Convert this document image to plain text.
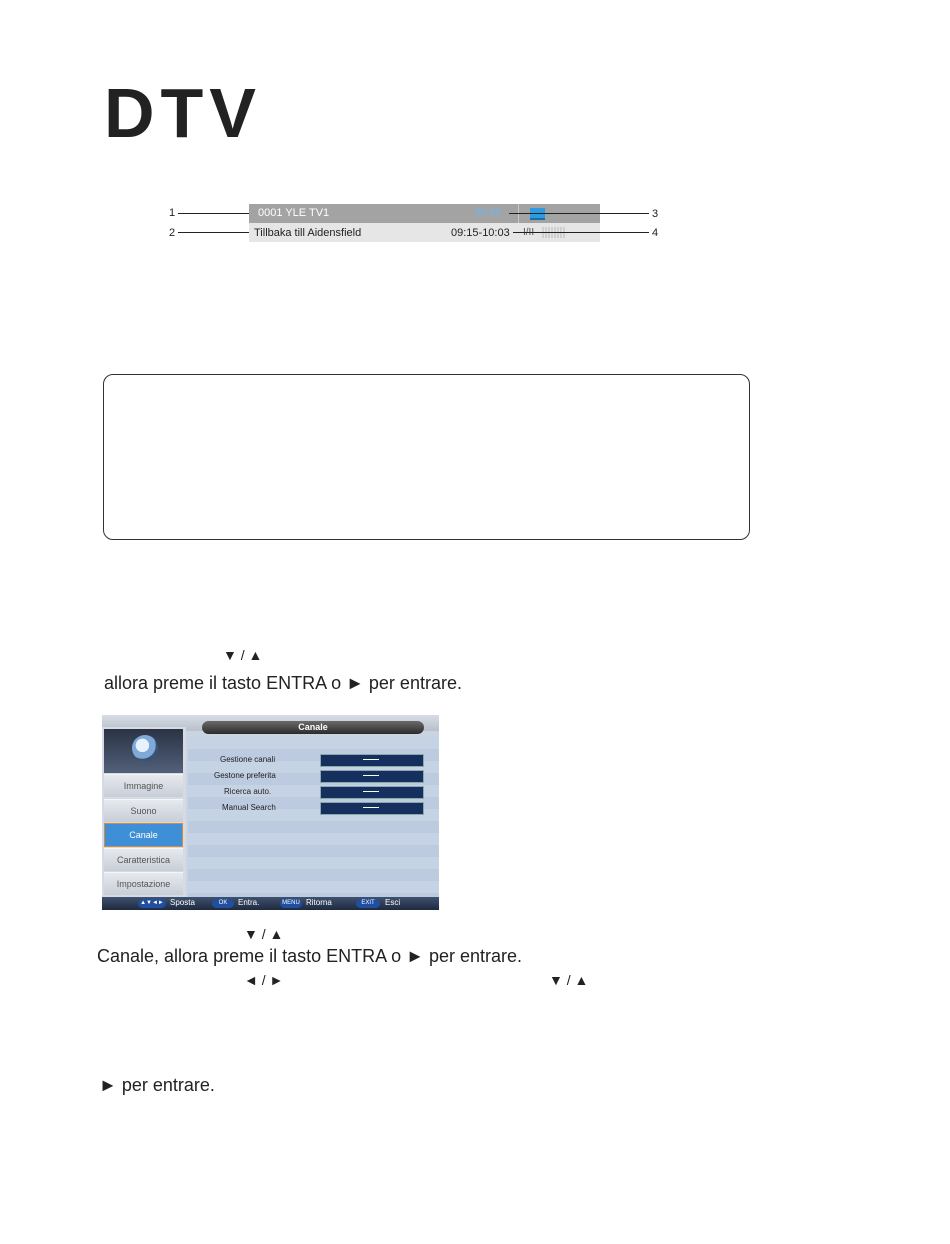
DTV
1
2
0001 YLE TV1	09:37
Tillbaka till Aidensfield	09:15-10:03
3
4
▼ / ▲
allora preme il tasto ENTRA o ► per entrare.
Canale
Immagine
Suono
Canale
Caratteristica
Impostazione
Gestione canali
Gestone preferita
Ricerca auto.
Manual Search
▲▼◄► Sposta	OK	Entra.	MENU Ritorna	EXIT	Esci
▼ / ▲
Canale, allora preme il tasto ENTRA o ► per entrare.
◄ / ►	▼ / ▲
► per entrare.
